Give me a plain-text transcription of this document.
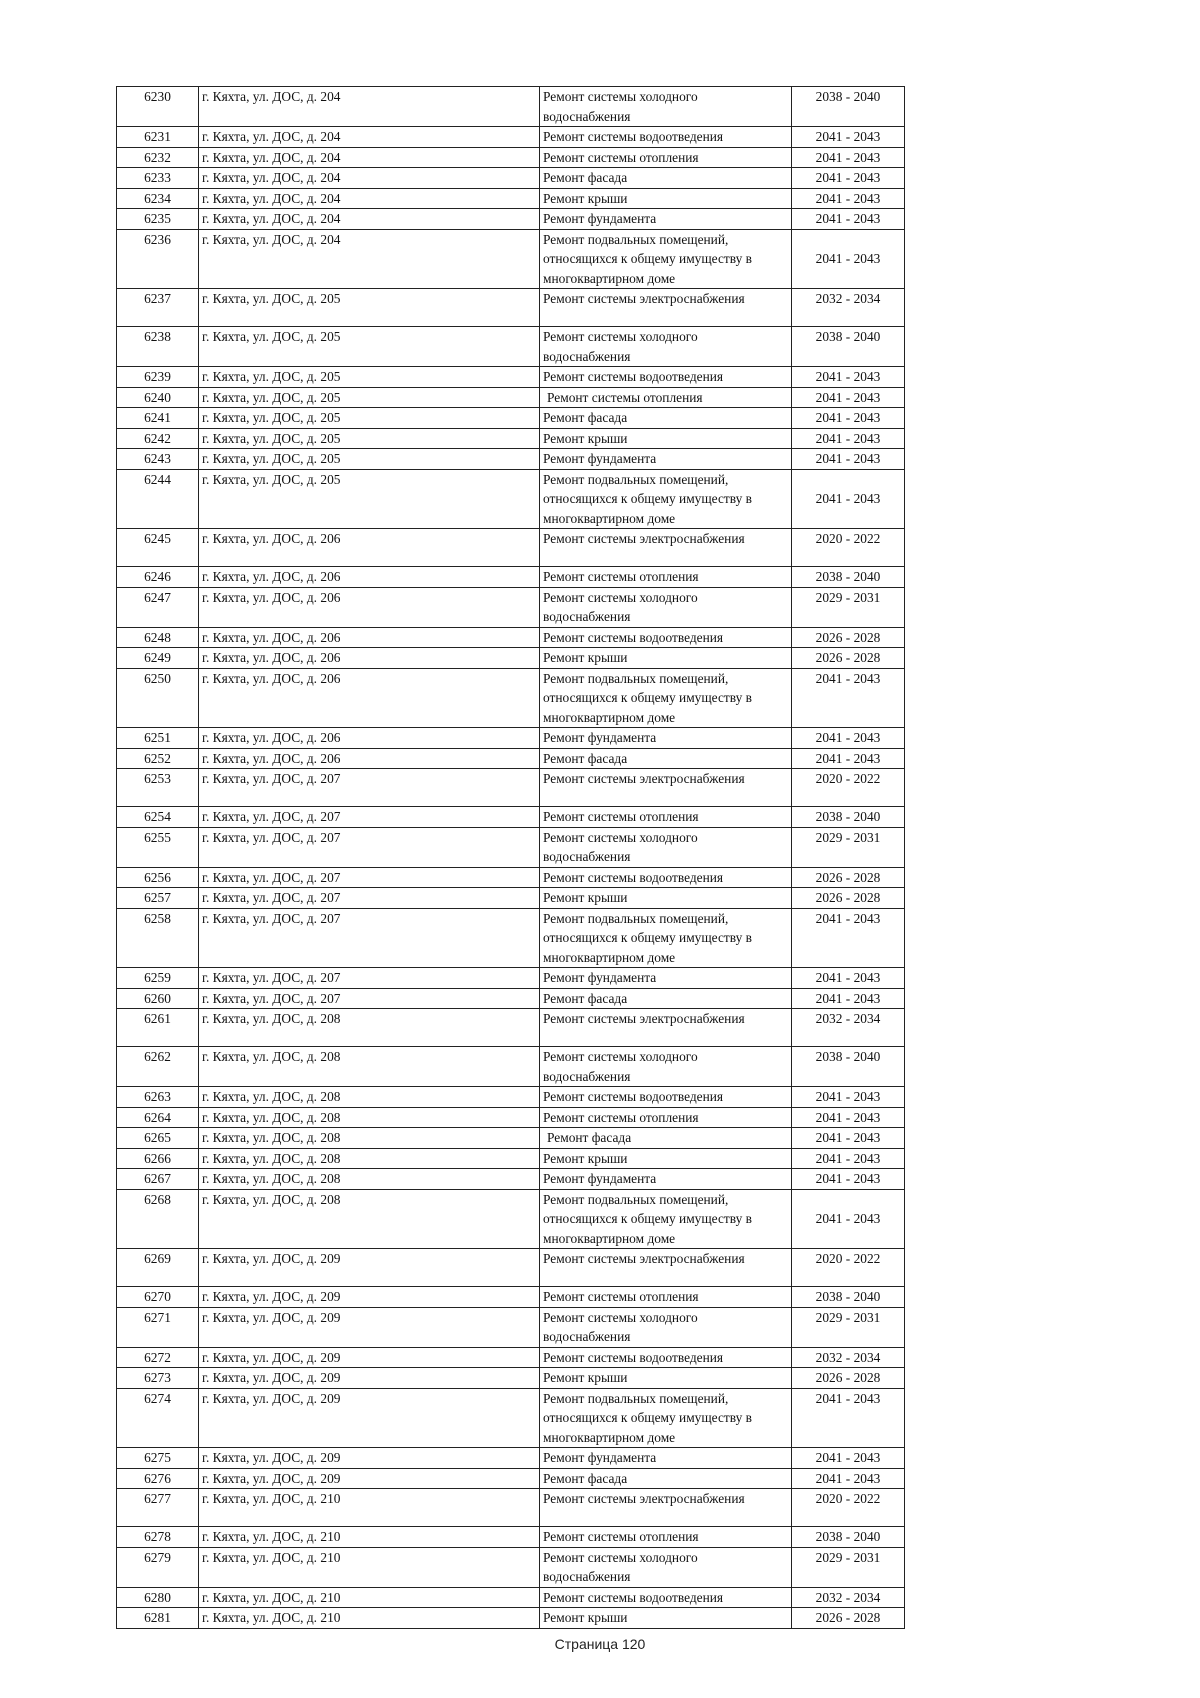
6230	г. Кяхта, ул. ДОС, д. 204	Ремонт системы холодного водоснабжения	2038 - 2040
6231	г. Кяхта, ул. ДОС, д. 204	Ремонт системы водоотведения	2041 - 2043
6232	г. Кяхта, ул. ДОС, д. 204	Ремонт системы отопления	2041 - 2043
6233	г. Кяхта, ул. ДОС, д. 204	Ремонт фасада	2041 - 2043
6234	г. Кяхта, ул. ДОС, д. 204	Ремонт крыши	2041 - 2043
6235	г. Кяхта, ул. ДОС, д. 204	Ремонт фундамента	2041 - 2043
6236	г. Кяхта, ул. ДОС, д. 204	Ремонт подвальных помещений, относящихся к общему имуществу в многоквартирном доме	2041 - 2043
6237	г. Кяхта, ул. ДОС, д. 205	Ремонт системы электроснабжения	2032 - 2034
6238	г. Кяхта, ул. ДОС, д. 205	Ремонт системы холодного водоснабжения	2038 - 2040
6239	г. Кяхта, ул. ДОС, д. 205	Ремонт системы водоотведения	2041 - 2043
6240	г. Кяхта, ул. ДОС, д. 205	Ремонт системы отопления	2041 - 2043
6241	г. Кяхта, ул. ДОС, д. 205	Ремонт фасада	2041 - 2043
6242	г. Кяхта, ул. ДОС, д. 205	Ремонт крыши	2041 - 2043
6243	г. Кяхта, ул. ДОС, д. 205	Ремонт фундамента	2041 - 2043
6244	г. Кяхта, ул. ДОС, д. 205	Ремонт подвальных помещений, относящихся к общему имуществу в многоквартирном доме	2041 - 2043
6245	г. Кяхта, ул. ДОС, д. 206	Ремонт системы электроснабжения	2020 - 2022
6246	г. Кяхта, ул. ДОС, д. 206	Ремонт системы отопления	2038 - 2040
6247	г. Кяхта, ул. ДОС, д. 206	Ремонт системы холодного водоснабжения	2029 - 2031
6248	г. Кяхта, ул. ДОС, д. 206	Ремонт системы водоотведения	2026 - 2028
6249	г. Кяхта, ул. ДОС, д. 206	Ремонт крыши	2026 - 2028
6250	г. Кяхта, ул. ДОС, д. 206	Ремонт подвальных помещений, относящихся к общему имуществу в многоквартирном доме	2041 - 2043
6251	г. Кяхта, ул. ДОС, д. 206	Ремонт фундамента	2041 - 2043
6252	г. Кяхта, ул. ДОС, д. 206	Ремонт фасада	2041 - 2043
6253	г. Кяхта, ул. ДОС, д. 207	Ремонт системы электроснабжения	2020 - 2022
6254	г. Кяхта, ул. ДОС, д. 207	Ремонт системы отопления	2038 - 2040
6255	г. Кяхта, ул. ДОС, д. 207	Ремонт системы холодного водоснабжения	2029 - 2031
6256	г. Кяхта, ул. ДОС, д. 207	Ремонт системы водоотведения	2026 - 2028
6257	г. Кяхта, ул. ДОС, д. 207	Ремонт крыши	2026 - 2028
6258	г. Кяхта, ул. ДОС, д. 207	Ремонт подвальных помещений, относящихся к общему имуществу в многоквартирном доме	2041 - 2043
6259	г. Кяхта, ул. ДОС, д. 207	Ремонт фундамента	2041 - 2043
6260	г. Кяхта, ул. ДОС, д. 207	Ремонт фасада	2041 - 2043
6261	г. Кяхта, ул. ДОС, д. 208	Ремонт системы электроснабжения	2032 - 2034
6262	г. Кяхта, ул. ДОС, д. 208	Ремонт системы холодного водоснабжения	2038 - 2040
6263	г. Кяхта, ул. ДОС, д. 208	Ремонт системы водоотведения	2041 - 2043
6264	г. Кяхта, ул. ДОС, д. 208	Ремонт системы отопления	2041 - 2043
6265	г. Кяхта, ул. ДОС, д. 208	Ремонт фасада	2041 - 2043
6266	г. Кяхта, ул. ДОС, д. 208	Ремонт крыши	2041 - 2043
6267	г. Кяхта, ул. ДОС, д. 208	Ремонт фундамента	2041 - 2043
6268	г. Кяхта, ул. ДОС, д. 208	Ремонт подвальных помещений, относящихся к общему имуществу в многоквартирном доме	2041 - 2043
6269	г. Кяхта, ул. ДОС, д. 209	Ремонт системы электроснабжения	2020 - 2022
6270	г. Кяхта, ул. ДОС, д. 209	Ремонт системы отопления	2038 - 2040
6271	г. Кяхта, ул. ДОС, д. 209	Ремонт системы холодного водоснабжения	2029 - 2031
6272	г. Кяхта, ул. ДОС, д. 209	Ремонт системы водоотведения	2032 - 2034
6273	г. Кяхта, ул. ДОС, д. 209	Ремонт крыши	2026 - 2028
6274	г. Кяхта, ул. ДОС, д. 209	Ремонт подвальных помещений, относящихся к общему имуществу в многоквартирном доме	2041 - 2043
6275	г. Кяхта, ул. ДОС, д. 209	Ремонт фундамента	2041 - 2043
6276	г. Кяхта, ул. ДОС, д. 209	Ремонт фасада	2041 - 2043
6277	г. Кяхта, ул. ДОС, д. 210	Ремонт системы электроснабжения	2020 - 2022
6278	г. Кяхта, ул. ДОС, д. 210	Ремонт системы отопления	2038 - 2040
6279	г. Кяхта, ул. ДОС, д. 210	Ремонт системы холодного водоснабжения	2029 - 2031
6280	г. Кяхта, ул. ДОС, д. 210	Ремонт системы водоотведения	2032 - 2034
6281	г. Кяхта, ул. ДОС, д. 210	Ремонт крыши	2026 - 2028
Страница 120
